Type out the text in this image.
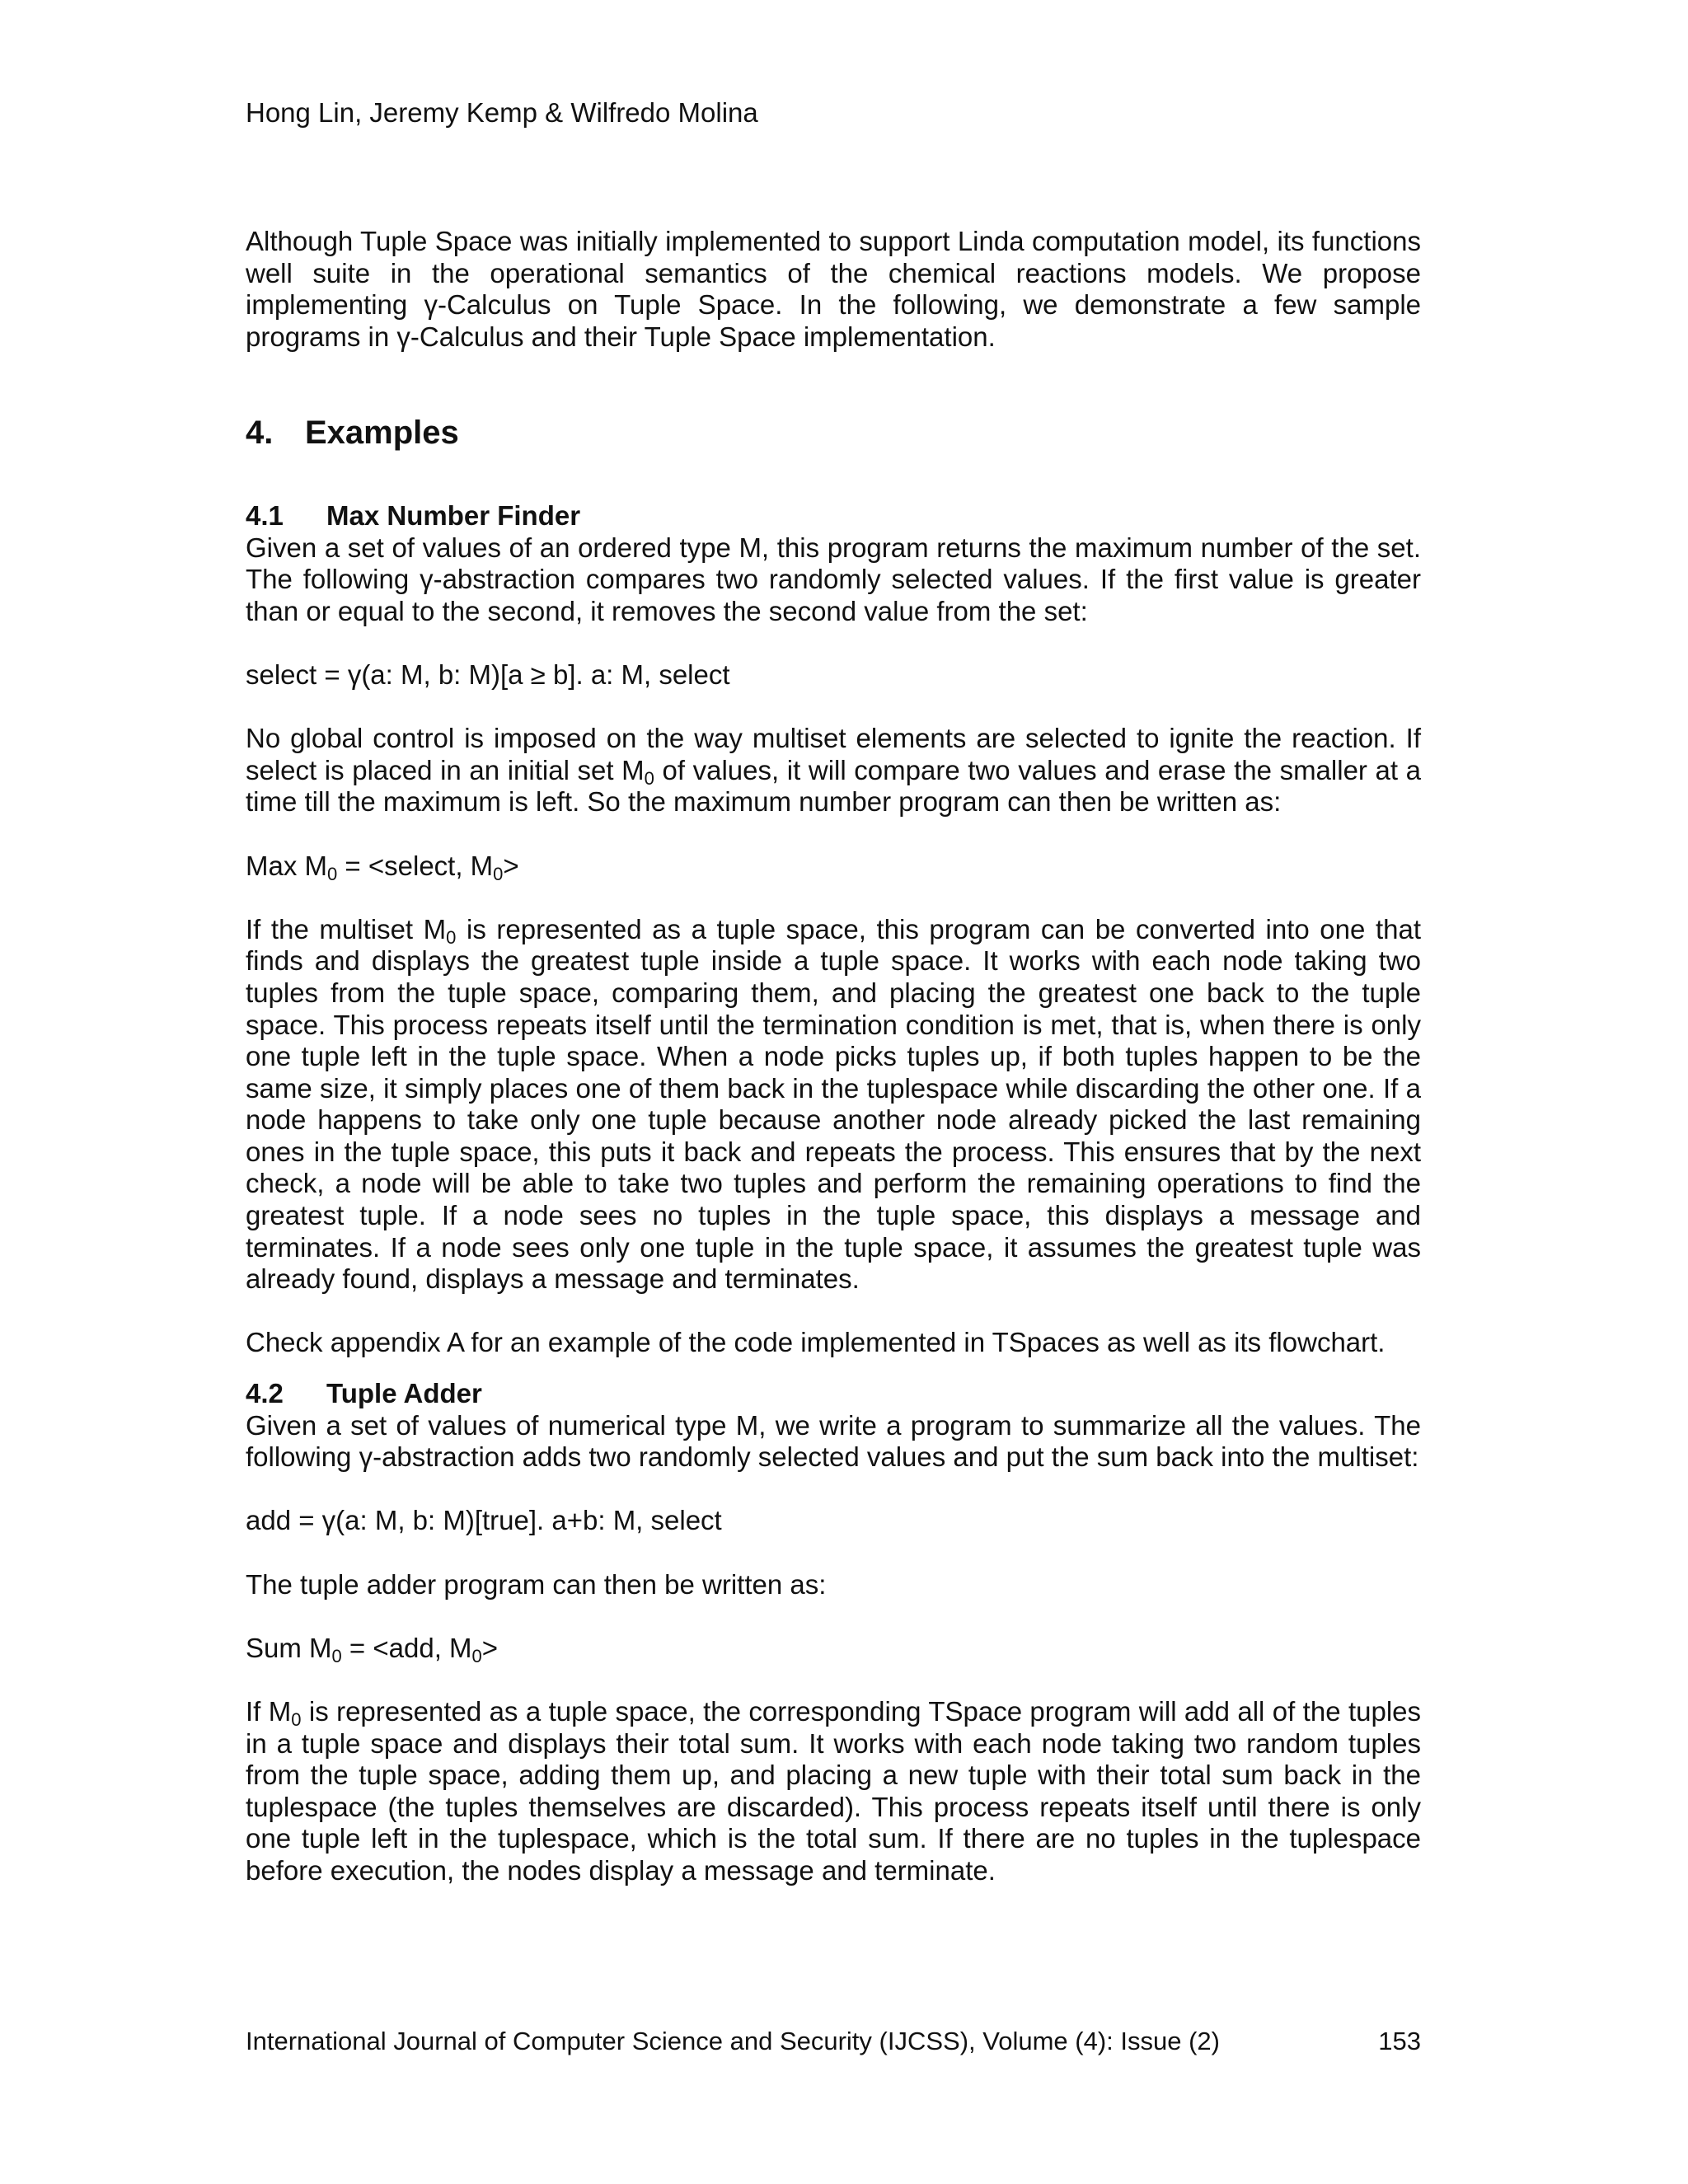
Hong Lin, Jeremy Kemp & Wilfredo Molina

Although Tuple Space was initially implemented to support Linda computation model, its functions well suite in the operational semantics of the chemical reactions models. We propose implementing γ-Calculus on Tuple Space. In the following, we demonstrate a few sample programs in γ-Calculus and their Tuple Space implementation.

4. Examples
4.1 Max Number Finder

Given a set of values of an ordered type M, this program returns the maximum number of the set. The following γ-abstraction compares two randomly selected values. If the first value is greater than or equal to the second, it removes the second value from the set:

select = γ(a: M, b: M)[a ≥ b]. a: M, select

No global control is imposed on the way multiset elements are selected to ignite the reaction. If select is placed in an initial set $M_0$ of values, it will compare two values and erase the smaller at a time till the maximum is left. So the maximum number program can then be written as:

Max $M_0$ = <select, $M_0>$

If the multiset $M_0$ is represented as a tuple space, this program can be converted into one that finds and displays the greatest tuple inside a tuple space. It works with each node taking two tuples from the tuple space, comparing them, and placing the greatest one back to the tuple space. This process repeats itself until the termination condition is met, that is, when there is only one tuple left in the tuple space. When a node picks tuples up, if both tuples happen to be the same size, it simply places one of them back in the tuplespace while discarding the other one. If a node happens to take only one tuple because another node already picked the last remaining ones in the tuple space, this puts it back and repeats the process. This ensures that by the next check, a node will be able to take two tuples and perform the remaining operations to find the greatest tuple. If a node sees no tuples in the tuple space, this displays a message and terminates. If a node sees only one tuple in the tuple space, it assumes the greatest tuple was already found, displays a message and terminates.

Check appendix A for an example of the code implemented in TSpaces as well as its flowchart.

4.2 Tuple Adder

Given a set of values of numerical type M, we write a program to summarize all the values. The following γ-abstraction adds two randomly selected values and put the sum back into the multiset:

add = γ(a: M, b: M)[true]. a+b: M, select

The tuple adder program can then be written as:

Sum $M_0 = <add$, $M_0>$

If $M_0$ is represented as a tuple space, the corresponding TSpace program will add all of the tuples in a tuple space and displays their total sum. It works with each node taking two random tuples from the tuple space, adding them up, and placing a new tuple with their total sum back in the tuplespace (the tuples themselves are discarded). This process repeats itself until there is only one tuple left in the tuplespace, which is the total sum. If there are no tuples in the tuplespace before execution, the nodes display a message and terminate.

International Journal of Computer Science and Security (IJCSS), Volume (4): Issue (2)	153
